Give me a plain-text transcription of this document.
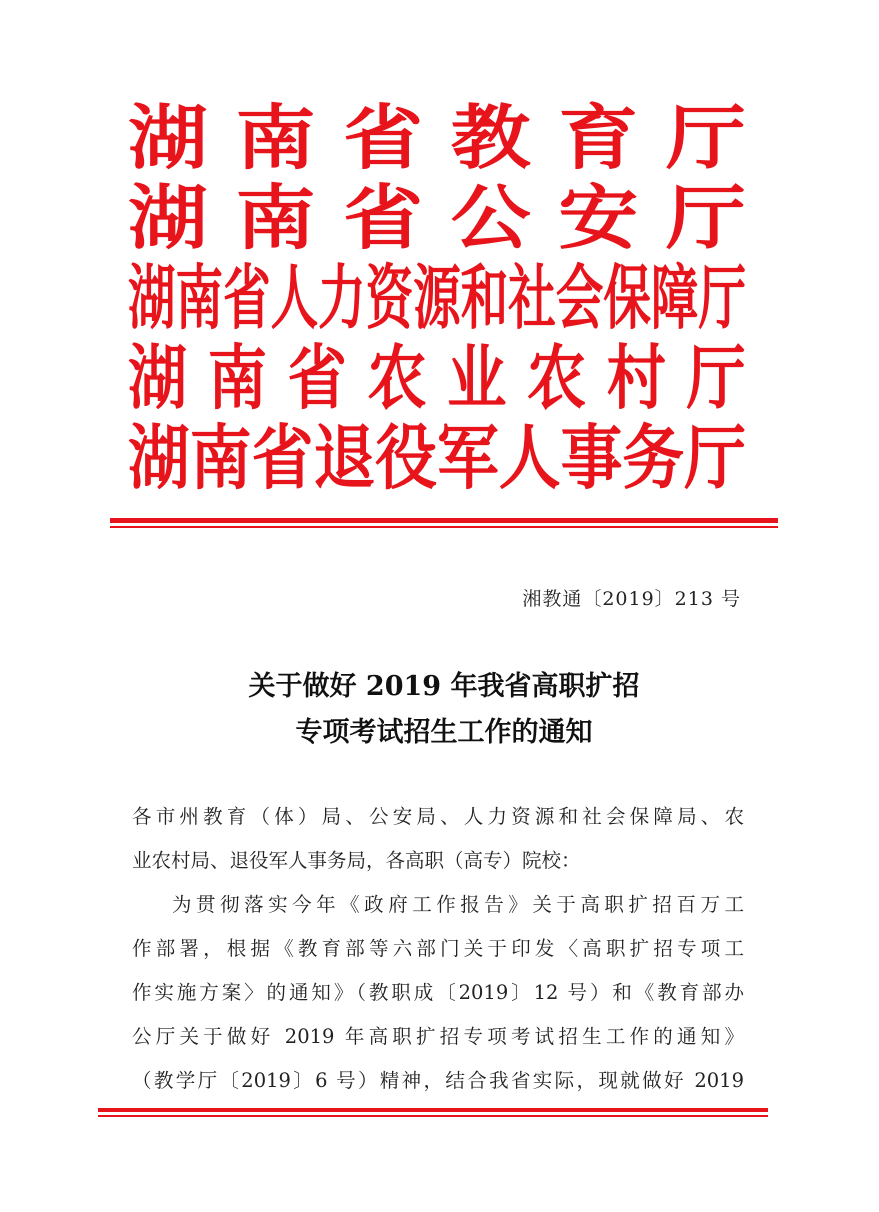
湖 南 省 教 育 厅
湖 南 省 公 安 厅
湖南省人力资源和社会保障厅
湖 南 省 农 业 农 村 厅
湖南省退役军人事务厅
湘教通〔2019〕213 号
关于做好 2019 年我省高职扩招
专项考试招生工作的通知
各市州教育（体）局、公安局、人力资源和社会保障局、农
业农村局、退役军人事务局，各高职（高专）院校：
为贯彻落实今年《政府工作报告》关于高职扩招百万工
作部署，根据《教育部等六部门关于印发〈高职扩招专项工
作实施方案〉的通知》（教职成〔2019〕12 号）和《教育部办
公厅关于做好 2019 年高职扩招专项考试招生工作的通知》
（教学厅〔2019〕6 号）精神，结合我省实际，现就做好 2019
